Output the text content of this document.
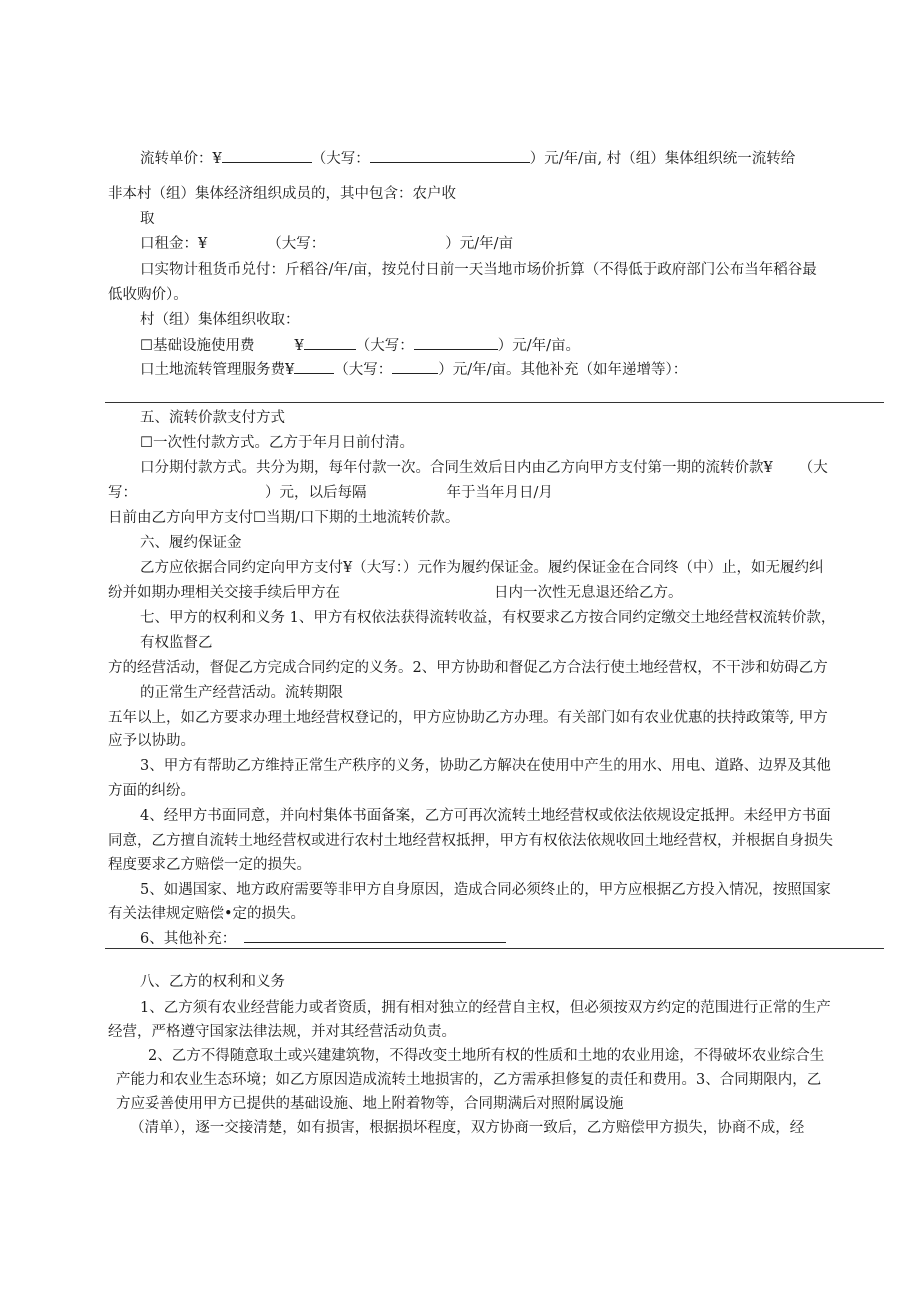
流转单价：¥	（大写：	）元/年/亩, 村（组）集体组织统一流转给
非本村（组）集体经济组织成员的，其中包含：农户收
取
口租金：¥	（大写：	）元/年/亩
口实物计租货币兑付：斤稻谷/年/亩，按兑付日前一天当地市场价折算（不得低于政府部门公布当年稻谷最
低收购价）。
村（组）集体组织收取：
☐基础设施使用费	¥	（大写：	）元/年/亩。
口土地流转管理服务费¥	（大写：	）元/年/亩。其他补充（如年递增等）：
五、流转价款支付方式
☐一次性付款方式。乙方于年月日前付清。
口分期付款方式。共分为期，每年付款一次。合同生效后日内由乙方向甲方支付第一期的流转价款¥ （大
写：	）元，以后每隔	年于当年月日/月
日前由乙方向甲方支付☐当期/口下期的土地流转价款。
六、履约保证金
乙方应依据合同约定向甲方支付¥（大写：）元作为履约保证金。履约保证金在合同终（中）止，如无履约纠
纷并如期办理相关交接手续后甲方在	日内一次性无息退还给乙方。
七、甲方的权利和义务 1、甲方有权依法获得流转收益，有权要求乙方按合同约定缴交土地经营权流转价款，
有权监督乙
方的经营活动，督促乙方完成合同约定的义务。2、甲方协助和督促乙方合法行使土地经营权，不干涉和妨碍乙方
的正常生产经营活动。流转期限
五年以上，如乙方要求办理土地经营权登记的，甲方应协助乙方办理。有关部门如有农业优惠的扶持政策等, 甲方
应予以协助。
3、甲方有帮助乙方维持正常生产秩序的义务，协助乙方解决在使用中产生的用水、用电、道路、边界及其他
方面的纠纷。
4、经甲方书面同意，并向村集体书面备案，乙方可再次流转土地经营权或依法依规设定抵押。未经甲方书面
同意，乙方擅自流转土地经营权或进行农村土地经营权抵押，甲方有权依法依规收回土地经营权，并根据自身损失
程度要求乙方赔偿一定的损失。
5、如遇国家、地方政府需要等非甲方自身原因，造成合同必须终止的，甲方应根据乙方投入情况，按照国家
有关法律规定赔偿•定的损失。
6、其他补充：
八、乙方的权利和义务
1、乙方须有农业经营能力或者资质，拥有相对独立的经营自主权，但必须按双方约定的范围进行正常的生产
经营，严格遵守国家法律法规，并对其经营活动负责。
2、乙方不得随意取土或兴建建筑物，不得改变土地所有权的性质和土地的农业用途，不得破坏农业综合生
产能力和农业生态环境；如乙方原因造成流转土地损害的，乙方需承担修复的责任和费用。3、合同期限内，乙
方应妥善使用甲方已提供的基础设施、地上附着物等，合同期满后对照附属设施
（清单），逐一交接清楚，如有损害，根据损坏程度，双方协商一致后，乙方赔偿甲方损失，协商不成，经
